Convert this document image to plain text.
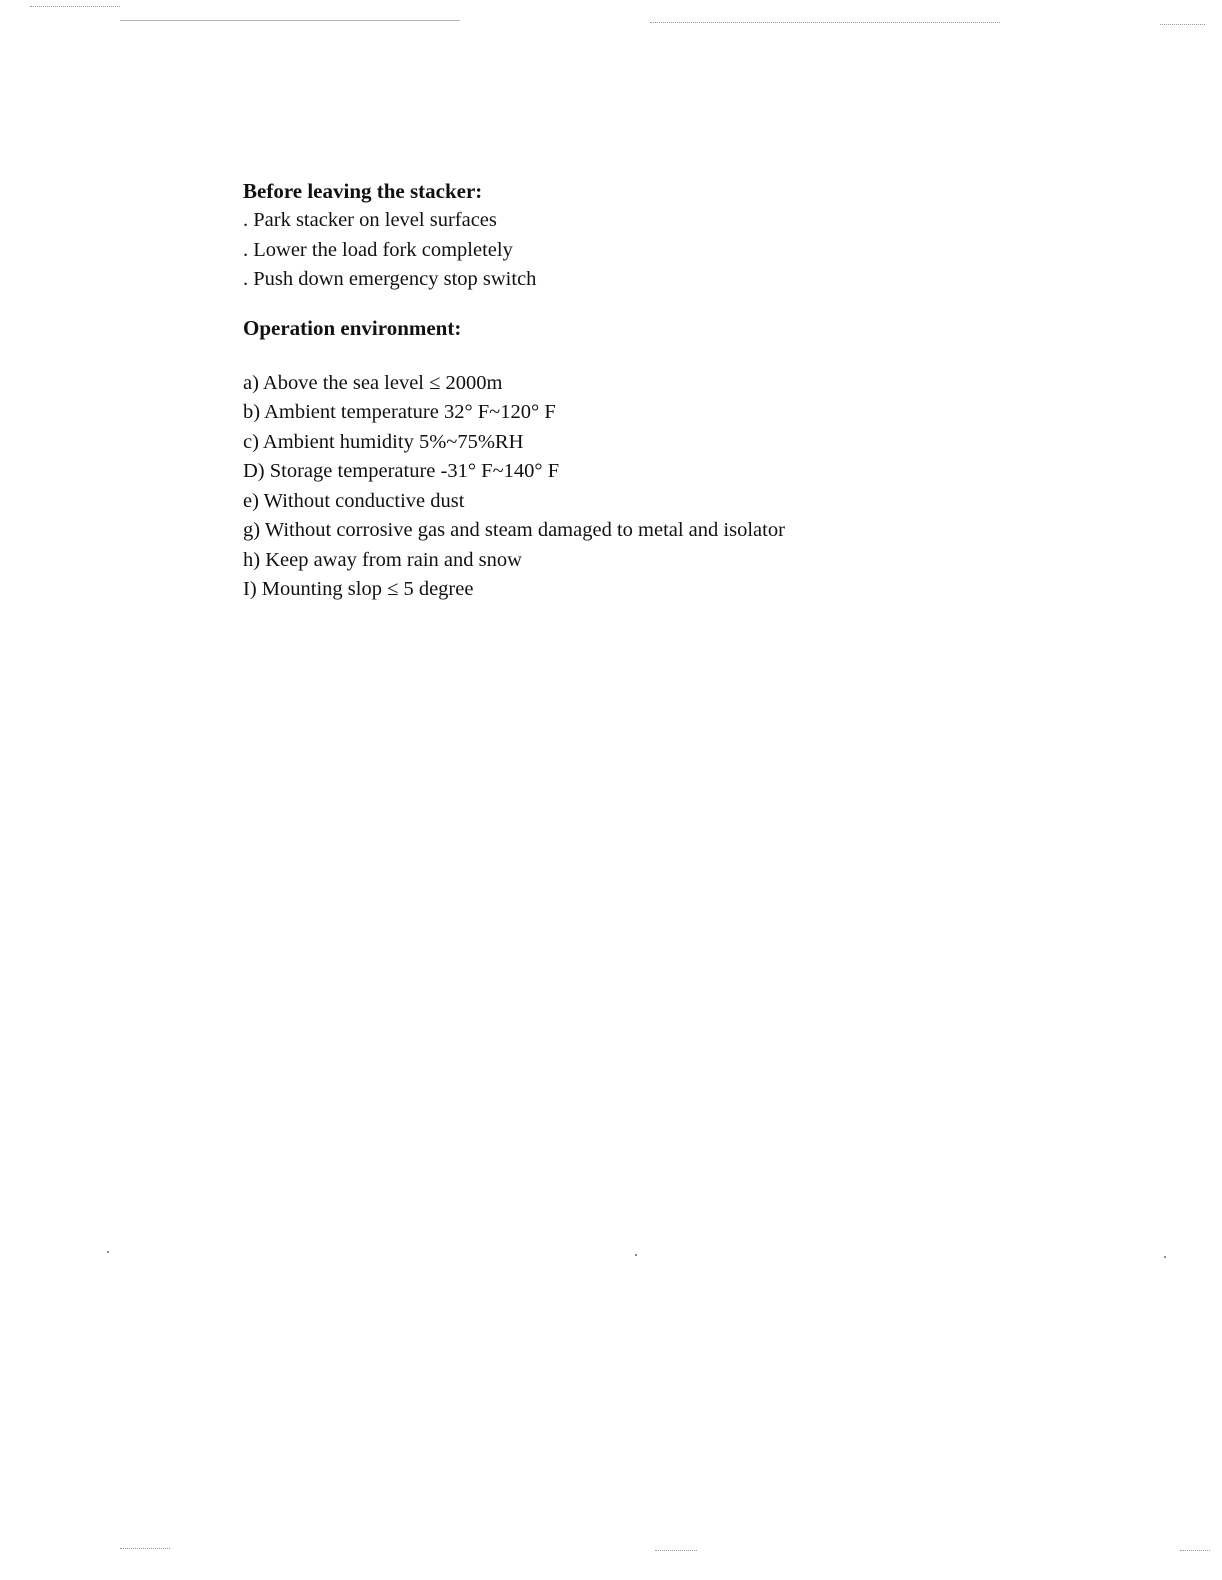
Before leaving the stacker:

. Park stacker on level surfaces

. Lower the load fork completely

. Push down emergency stop switch

Operation environment:

a) Above the sea level ≤ 2000m

b) Ambient temperature 32° F~120° F

c) Ambient humidity 5%~75%RH

D) Storage temperature -31° F~140° F

e) Without conductive dust

g) Without corrosive gas and steam damaged to metal and isolator

h) Keep away from rain and snow

I) Mounting slop ≤ 5 degree
